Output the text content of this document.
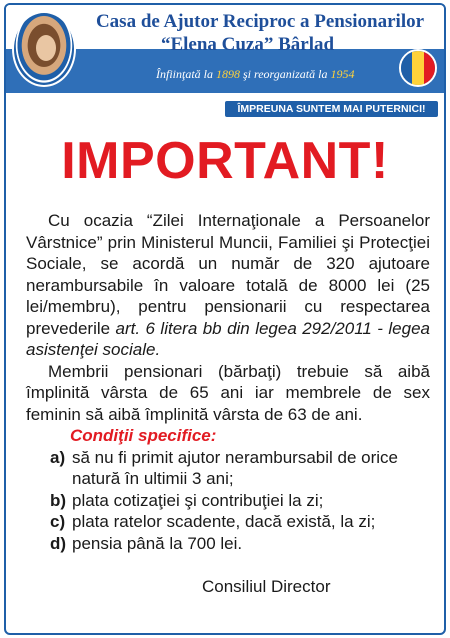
Casa de Ajutor Reciproc a Pensionarilor
“Elena Cuza” Bârlad
Înfiinţată la 1898 şi reorganizată la 1954
ÎMPREUNA SUNTEM MAI PUTERNICI!
IMPORTANT!

Cu ocazia “Zilei Internaţionale a Persoanelor Vârstnice” prin Ministerul Muncii, Familiei şi Protecţiei Sociale, se acordă un număr de 320 ajutoare nerambursabile în valoare totală de 8000 lei (25 lei/membru), pentru pensionarii cu respectarea prevederile art. 6 litera bb din legea 292/2011 - legea asistenţei sociale.

Membrii pensionari (bărbaţi) trebuie să aibă împlinită vârsta de 65 ani iar membrele de sex feminin să aibă împlinită vârsta de 63 de ani.

Condiţii specifice:
a) să nu fi primit ajutor nerambursabil de orice natură în ultimii 3 ani;
b) plata cotizaţiei şi contribuţiei la zi;
c) plata ratelor scadente, dacă există, la zi;
d) pensia până la 700 lei.
Consiliul Director
